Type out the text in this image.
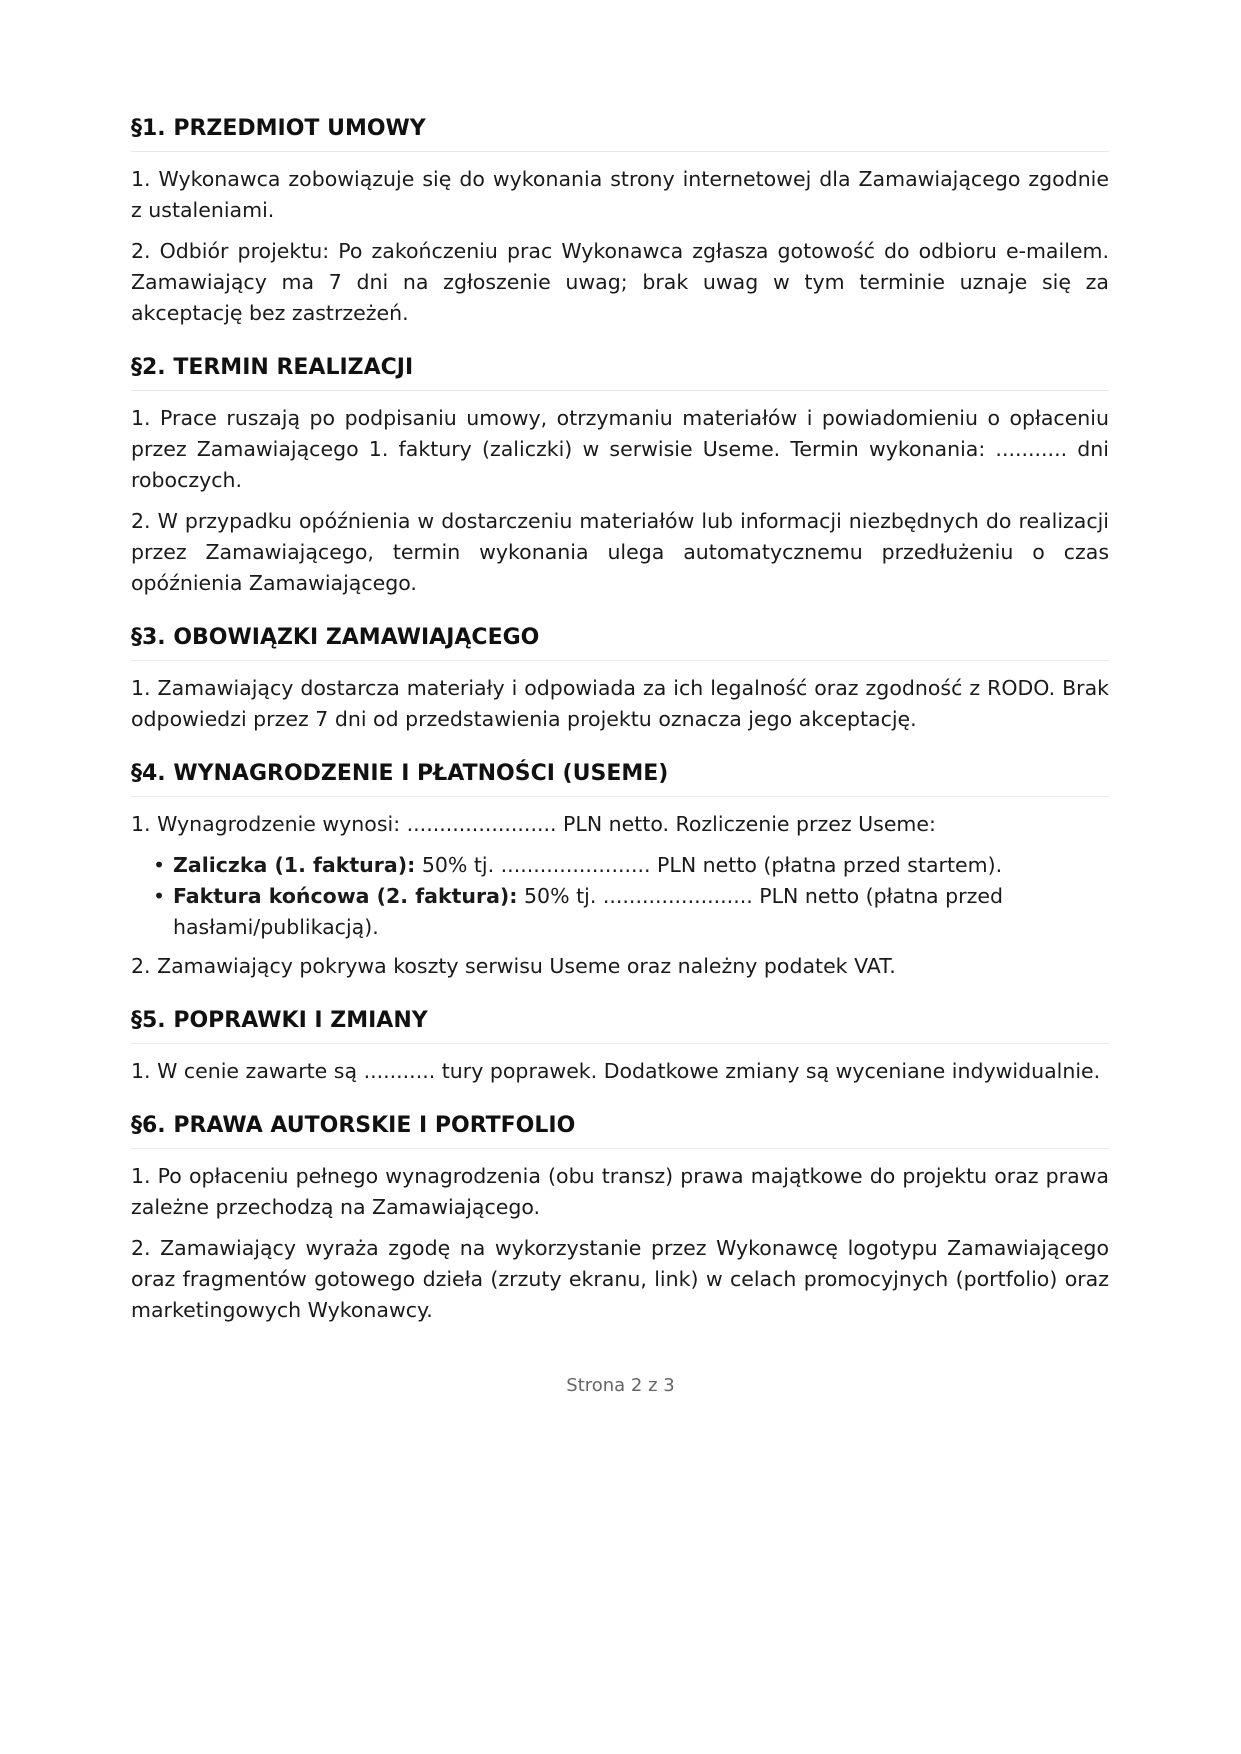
§1. PRZEDMIOT UMOWY

1. Wykonawca zobowiązuje się do wykonania strony internetowej dla Zamawiającego zgodnie z ustaleniami.

2. Odbiór projektu: Po zakończeniu prac Wykonawca zgłasza gotowość do odbioru e-mailem. Zamawiający ma 7 dni na zgłoszenie uwag; brak uwag w tym terminie uznaje się za akceptację bez zastrzeżeń.

§2. TERMIN REALIZACJI

1. Prace ruszają po podpisaniu umowy, otrzymaniu materiałów i powiadomieniu o opłaceniu przez Zamawiającego 1. faktury (zaliczki) w serwisie Useme. Termin wykonania: ........... dni roboczych.

2. W przypadku opóźnienia w dostarczeniu materiałów lub informacji niezbędnych do realizacji przez Zamawiającego, termin wykonania ulega automatycznemu przedłużeniu o czas opóźnienia Zamawiającego.

§3. OBOWIĄZKI ZAMAWIAJĄCEGO

1. Zamawiający dostarcza materiały i odpowiada za ich legalność oraz zgodność z RODO. Brak odpowiedzi przez 7 dni od przedstawienia projektu oznacza jego akceptację.

§4. WYNAGRODZENIE I PŁATNOŚCI (USEME)

1. Wynagrodzenie wynosi: ....................... PLN netto. Rozliczenie przez Useme:

• Zaliczka (1. faktura): 50% tj. ....................... PLN netto (płatna przed startem).
• Faktura końcowa (2. faktura): 50% tj. ....................... PLN netto (płatna przed hasłami/publikacją).

2. Zamawiający pokrywa koszty serwisu Useme oraz należny podatek VAT.

§5. POPRAWKI I ZMIANY

1. W cenie zawarte są ........... tury poprawek. Dodatkowe zmiany są wyceniane indywidualnie.

§6. PRAWA AUTORSKIE I PORTFOLIO

1. Po opłaceniu pełnego wynagrodzenia (obu transz) prawa majątkowe do projektu oraz prawa zależne przechodzą na Zamawiającego.

2. Zamawiający wyraża zgodę na wykorzystanie przez Wykonawcę logotypu Zamawiającego oraz fragmentów gotowego dzieła (zrzuty ekranu, link) w celach promocyjnych (portfolio) oraz marketingowych Wykonawcy.

Strona 2 z 3
